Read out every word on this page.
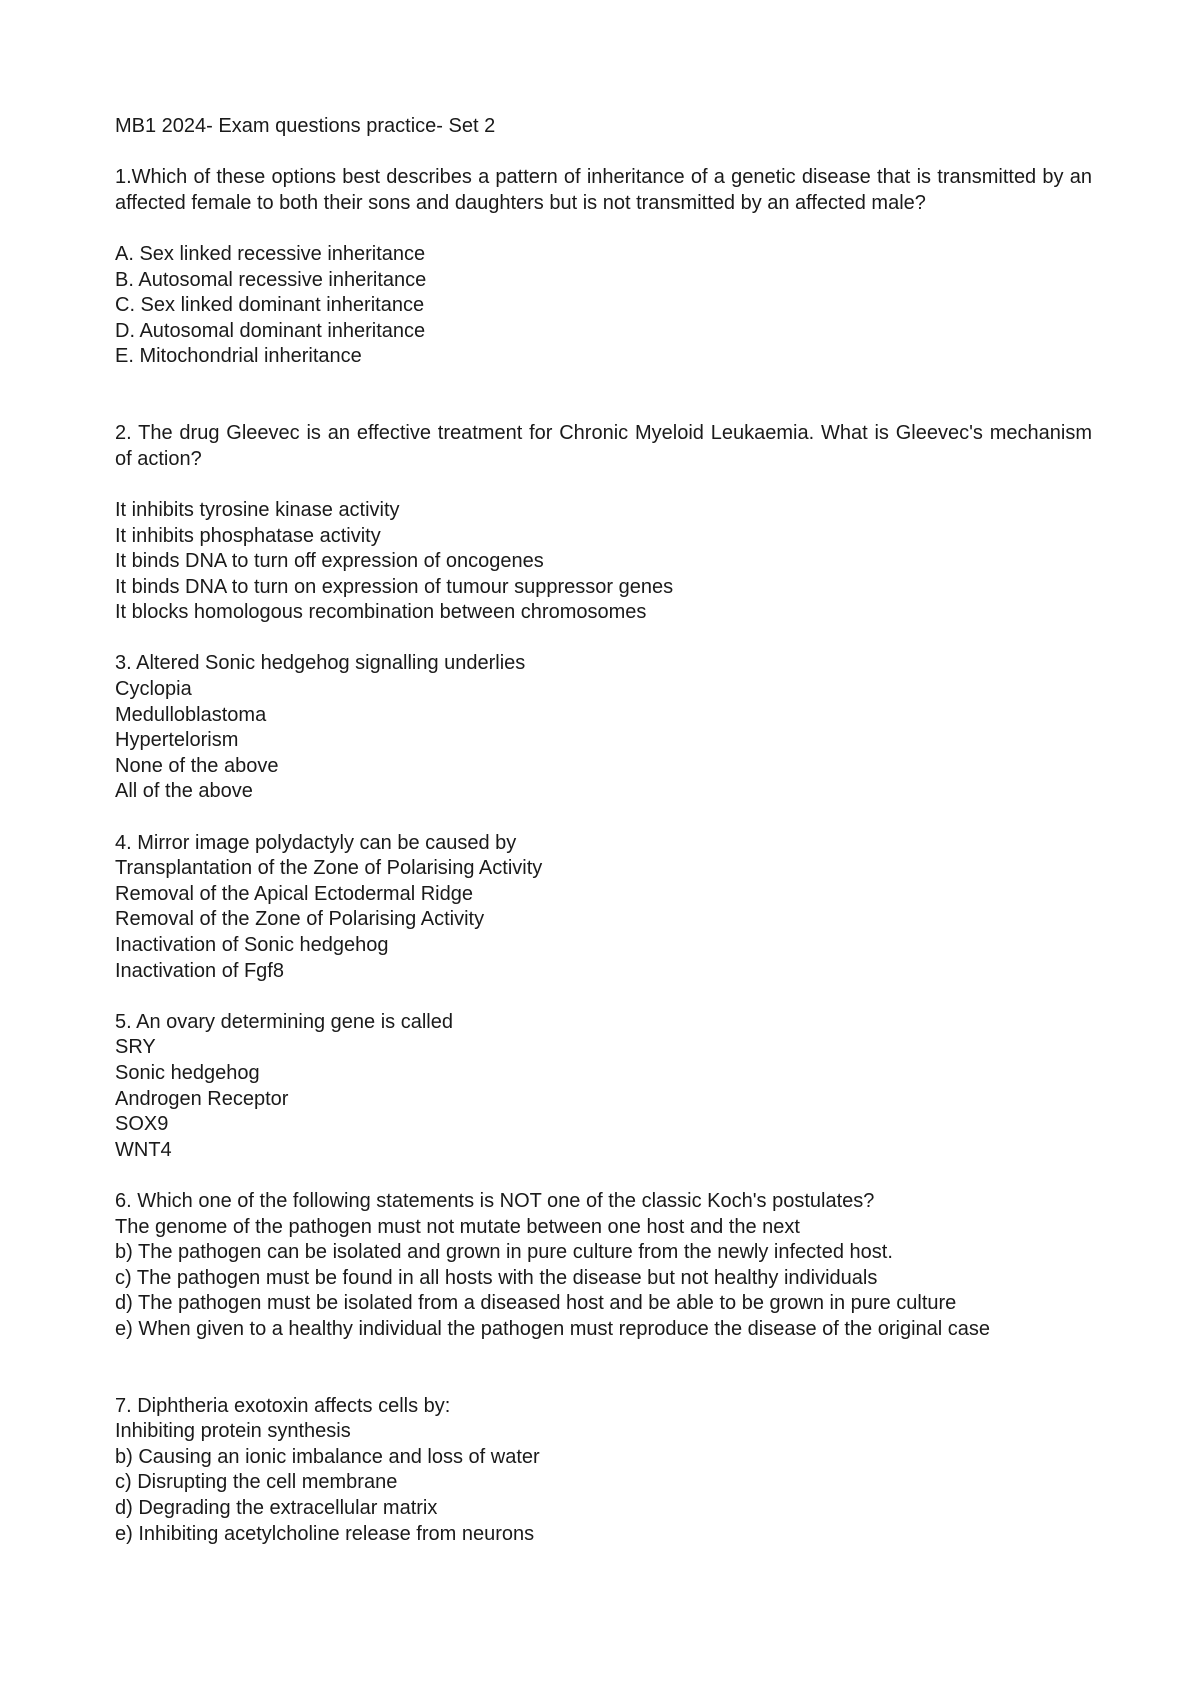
MB1 2024- Exam questions practice- Set 2

1.Which of these options best describes a pattern of inheritance of a genetic disease that is transmitted by an affected female to both their sons and daughters but is not transmitted by an affected male?

A. Sex linked recessive inheritance
B. Autosomal recessive inheritance
C. Sex linked dominant inheritance
D. Autosomal dominant inheritance
E. Mitochondrial inheritance

2. The drug Gleevec is an effective treatment for Chronic Myeloid Leukaemia. What is Gleevec's mechanism of action?

It inhibits tyrosine kinase activity
It inhibits phosphatase activity
It binds DNA to turn off expression of oncogenes
It binds DNA to turn on expression of tumour suppressor genes
It blocks homologous recombination between chromosomes

3. Altered Sonic hedgehog signalling underlies

Cyclopia
Medulloblastoma
Hypertelorism
None of the above
All of the above

4. Mirror image polydactyly can be caused by

Transplantation of the Zone of Polarising Activity
Removal of the Apical Ectodermal Ridge
Removal of the Zone of Polarising Activity
Inactivation of Sonic hedgehog
Inactivation of Fgf8

5. An ovary determining gene is called

SRY
Sonic hedgehog
Androgen Receptor
SOX9
WNT4

6. Which one of the following statements is NOT one of the classic Koch's postulates?

The genome of the pathogen must not mutate between one host and the next
b) The pathogen can be isolated and grown in pure culture from the newly infected host.
c) The pathogen must be found in all hosts with the disease but not healthy individuals
d) The pathogen must be isolated from a diseased host and be able to be grown in pure culture
e) When given to a healthy individual the pathogen must reproduce the disease of the original case

7. Diphtheria exotoxin affects cells by:

Inhibiting protein synthesis
b) Causing an ionic imbalance and loss of water
c) Disrupting the cell membrane
d) Degrading the extracellular matrix
e) Inhibiting acetylcholine release from neurons
